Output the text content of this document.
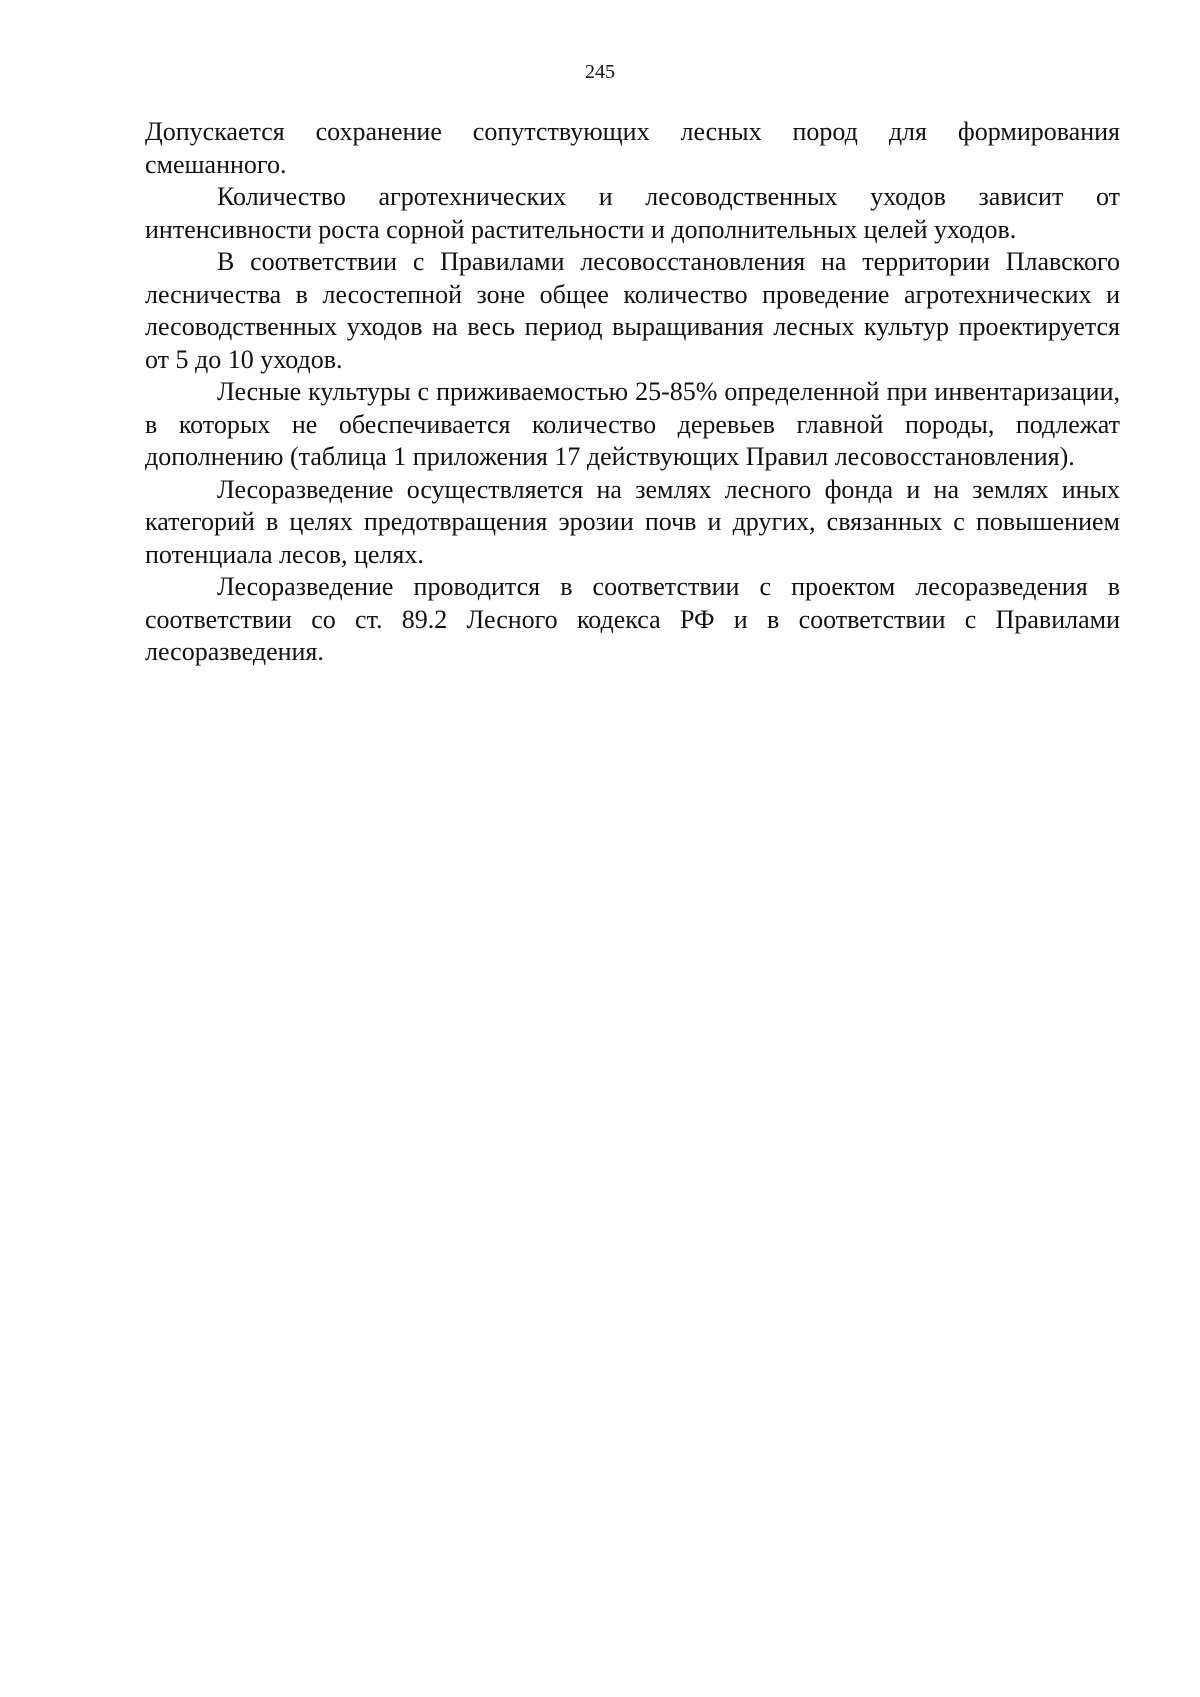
245

Допускается сохранение сопутствующих лесных пород для формирования смешанного.

Количество агротехнических и лесоводственных уходов зависит от интенсивности роста сорной растительности и дополнительных целей уходов.

В соответствии с Правилами лесовосстановления на территории Плавского лесничества в лесостепной зоне общее количество проведение агротехнических и лесоводственных уходов на весь период выращивания лесных культур проектируется от 5 до 10 уходов.

Лесные культуры с приживаемостью 25-85% определенной при инвентаризации, в которых не обеспечивается количество деревьев главной породы, подлежат дополнению (таблица 1 приложения 17 действующих Правил лесовосстановления).

Лесоразведение осуществляется на землях лесного фонда и на землях иных категорий в целях предотвращения эрозии почв и других, связанных с повышением потенциала лесов, целях.

Лесоразведение проводится в соответствии с проектом лесоразведения в соответствии со ст. 89.2 Лесного кодекса РФ и в соответствии с Правилами лесоразведения.
